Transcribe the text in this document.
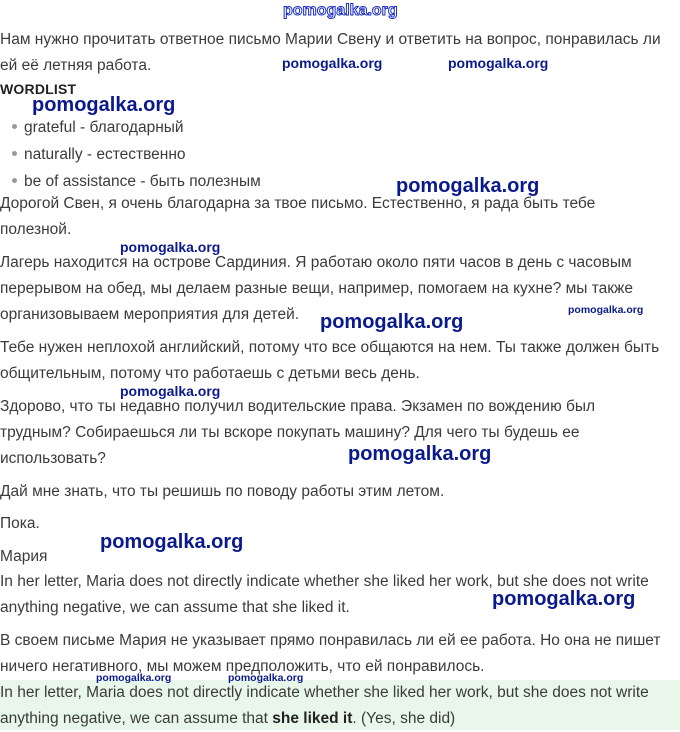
pomogalka.org

Нам нужно прочитать ответное письмо Марии Свену и ответить на вопрос, понравилась ли ей её летняя работа.

WORDLIST
grateful - благодарный
naturally - естественно
be of assistance - быть полезным

Дорогой Свен, я очень благодарна за твое письмо. Естественно, я рада быть тебе полезной.

Лагерь находится на острове Сардиния. Я работаю около пяти часов в день с часовым перерывом на обед, мы делаем разные вещи, например, помогаем на кухне? мы также организовываем мероприятия для детей.

Тебе нужен неплохой английский, потому что все общаются на нем. Ты также должен быть общительным, потому что работаешь с детьми весь день.

Здорово, что ты недавно получил водительские права. Экзамен по вождению был трудным? Собираешься ли ты вскоре покупать машину? Для чего ты будешь ее использовать?

Дай мне знать, что ты решишь по поводу работы этим летом.

Пока.

Мария

In her letter, Maria does not directly indicate whether she liked her work, but she does not write anything negative, we can assume that she liked it.

В своем письме Мария не указывает прямо понравилась ли ей ее работа. Но она не пишет ничего негативного, мы можем предположить, что ей понравилось.

In her letter, Maria does not directly indicate whether she liked her work, but she does not write anything negative, we can assume that she liked it. (Yes, she did)

pomogalka.org
pomogalka.org	pomogalka.org
pomogalka.org
pomogalka.org
pomogalka.org
pomogalka.org
pomogalka.org
pomogalka.org
pomogalka.org
pomogalka.org
pomogalka.org	pomogalka.org
